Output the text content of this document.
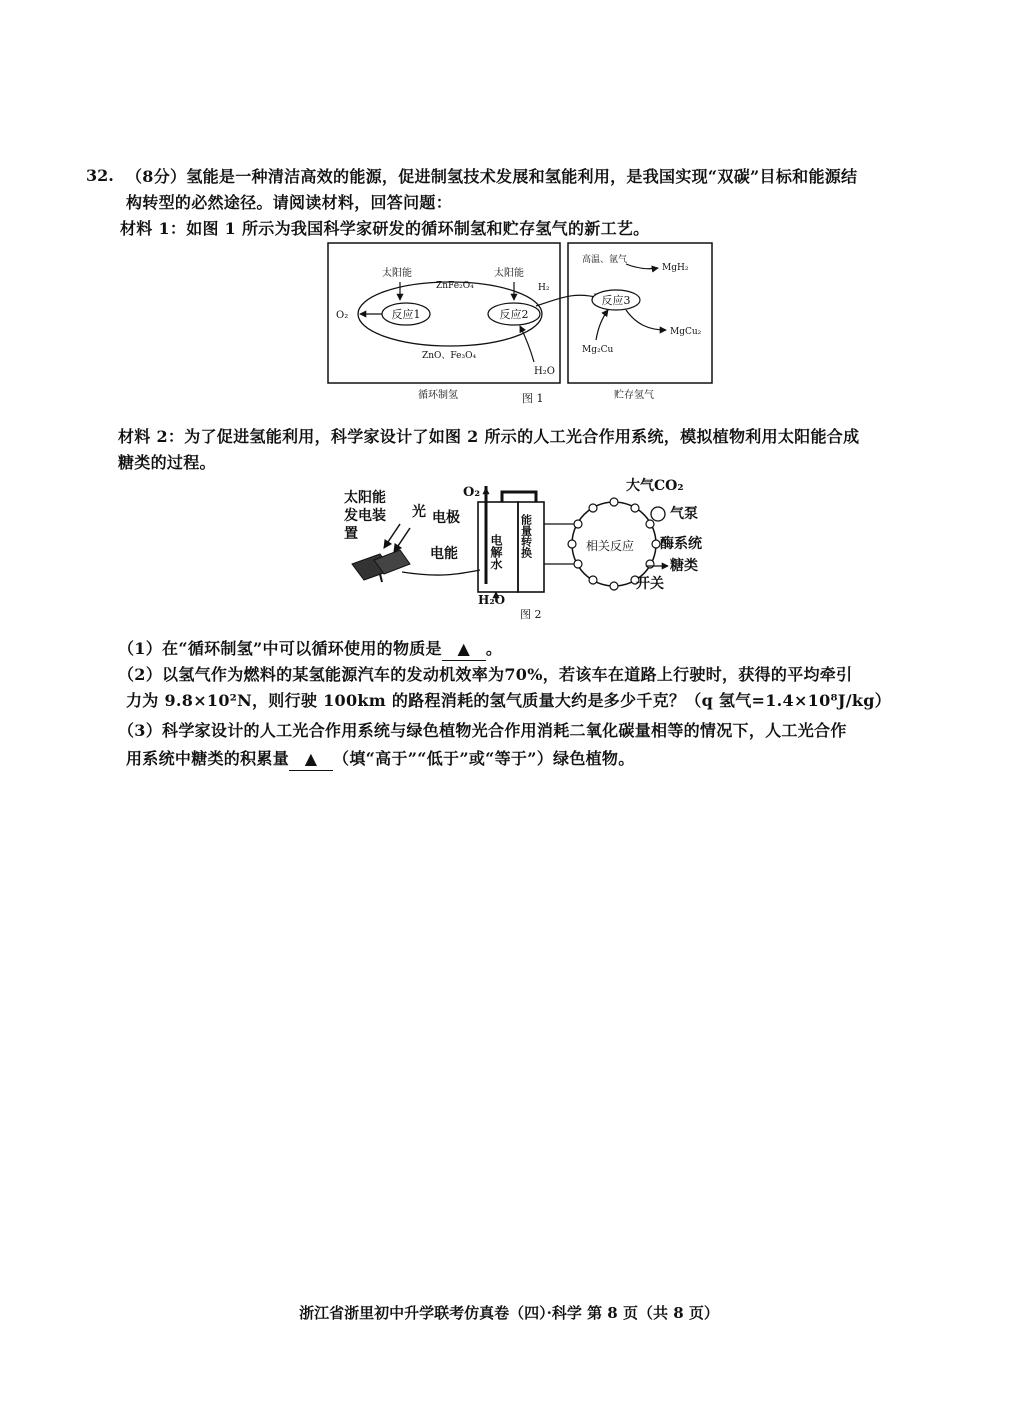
32. （8分）氢能是一种清洁高效的能源，促进制氢技术发展和氢能利用，是我国实现“双碳”目标和能源结
构转型的必然途径。请阅读材料，回答问题：
材料 1：如图 1 所示为我国科学家研发的循环制氢和贮存氢气的新工艺。
反应1	反应2
太阳能	太阳能
ZnFe₂O₄
ZnO、Fe₃O₄
O₂
H₂
H₂O
反应3
高温、氩气
MgH₂
MgCu₂
Mg₂Cu
循环制氢	图 1	贮存氢气
材料 2：为了促进氢能利用，科学家设计了如图 2 所示的人工光合作用系统，模拟植物利用太阳能合成
糖类的过程。
太阳能
发电装
置
光 电极
电能
O₂
电解水 能量转换
H₂O
相关反应
大气CO₂
气泵
酶系统
糖类
开关
图 2
（1）在“循环制氢”中可以循环使用的物质是 ▲ 。
（2）以氢气作为燃料的某氢能源汽车的发动机效率为70%，若该车在道路上行驶时，获得的平均牵引
力为 9.8×10²N，则行驶 100km 的路程消耗的氢气质量大约是多少千克？（q 氢气=1.4×10⁸J/kg）
（3）科学家设计的人工光合作用系统与绿色植物光合作用消耗二氧化碳量相等的情况下，人工光合作
用系统中糖类的积累量 ▲ （填“高于”“低于”或“等于”）绿色植物。
浙江省浙里初中升学联考仿真卷（四）·科学 第 8 页（共 8 页）
